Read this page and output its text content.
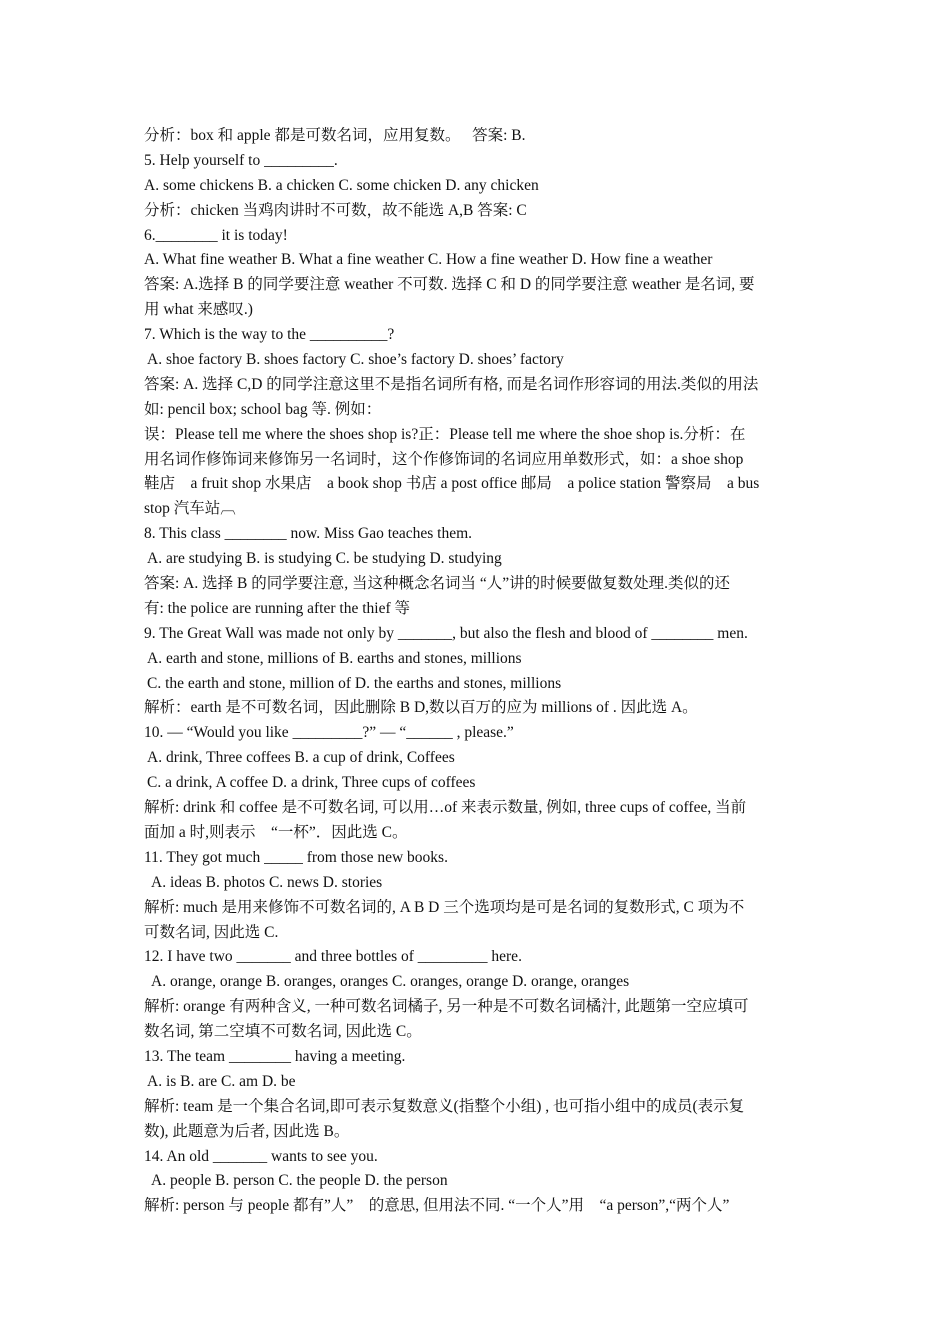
分析：box 和 apple 都是可数名词，应用复数。　 答案: B.
5. Help yourself to _________.
A. some chickens B. a chicken C. some chicken D. any chicken
分析：chicken 当鸡肉讲时不可数，故不能选 A,B 答案: C
6.________ it is today!
A. What fine weather B. What a fine weather C. How a fine weather D. How fine a weather
答案: A.选择 B 的同学要注意 weather 不可数. 选择 C 和 D 的同学要注意 weather 是名词, 要
用 what 来感叹.)
7. Which is the way to the __________?
A. shoe factory B. shoes factory C. shoe’s factory D. shoes’ factory
答案: A. 选择 C,D 的同学注意这里不是指名词所有格, 而是名词作形容词的用法.类似的用法
如: pencil box; school bag 等. 例如：
误：Please tell me where the shoes shop is?正：Please tell me where the shoe shop is.分析：在
用名词作修饰词来修饰另一名词时，这个作修饰词的名词应用单数形式，如：a shoe shop
鞋店　a fruit shop 水果店　a book shop 书店 a post office 邮局　a police station 警察局　a bus
stop 汽车站︹
8. This class ________ now. Miss Gao teaches them.
A. are studying B. is studying C. be studying D. studying
答案: A. 选择 B 的同学要注意, 当这种概念名词当 “人”讲的时候要做复数处理.类似的还
有: the police are running after the thief 等
9. The Great Wall was made not only by _______, but also the flesh and blood of ________ men.
A. earth and stone, millions of B. earths and stones, millions
C. the earth and stone, million of D. the earths and stones, millions
解析：earth 是不可数名词，因此删除 B D,数以百万的应为 millions of . 因此选 A。
10. — “Would you like _________?” — “______ , please.”
A. drink, Three coffees B. a cup of drink, Coffees
C. a drink, A coffee D. a drink, Three cups of coffees
解析: drink 和 coffee 是不可数名词, 可以用…of 来表示数量, 例如, three cups of coffee, 当前
面加 a 时,则表示　“一杯”．因此选 C。
11. They got much _____ from those new books.
A. ideas B. photos C. news D. stories
解析: much 是用来修饰不可数名词的, A B D 三个选项均是可是名词的复数形式, C 项为不
可数名词, 因此选 C.
12. I have two _______ and three bottles of _________ here.
A. orange, orange B. oranges, oranges C. oranges, orange D. orange, oranges
解析: orange 有两种含义, 一种可数名词橘子, 另一种是不可数名词橘汁, 此题第一空应填可
数名词, 第二空填不可数名词, 因此选 C。
13. The team ________ having a meeting.
A. is B. are C. am D. be
解析: team 是一个集合名词,即可表示复数意义(指整个小组) , 也可指小组中的成员(表示复
数), 此题意为后者, 因此选 B。
14. An old _______ wants to see you.
A. people B. person C. the people D. the person
解析: person 与 people 都有”人”　的意思, 但用法不同. “一个人”用　“a person”,“两个人”
